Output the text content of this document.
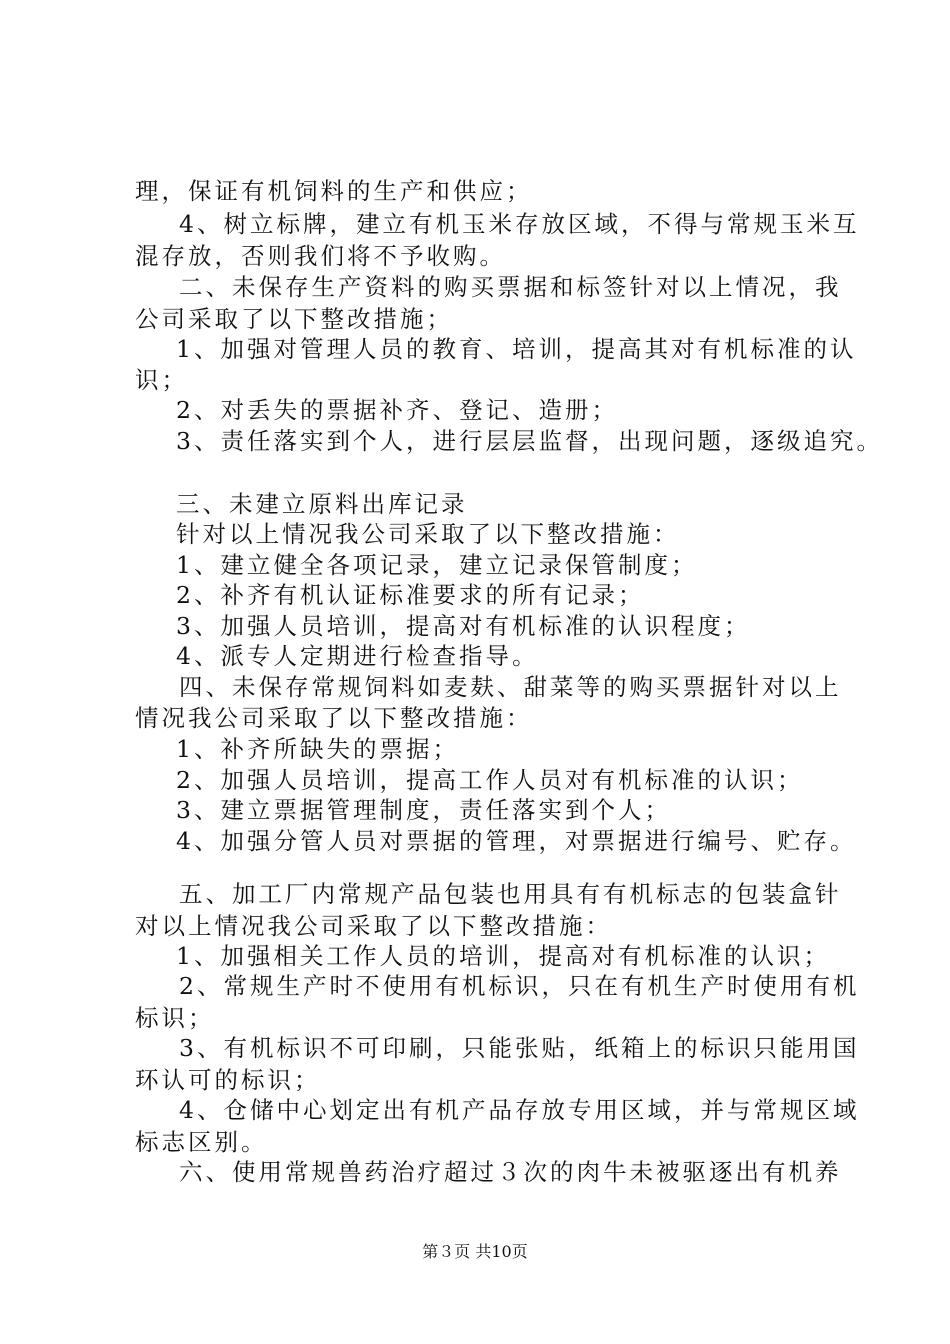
理，保证有机饲料的生产和供应；
4、树立标牌，建立有机玉米存放区域，不得与常规玉米互
混存放，否则我们将不予收购。
二、未保存生产资料的购买票据和标签针对以上情况，我
公司采取了以下整改措施；
1、加强对管理人员的教育、培训，提高其对有机标准的认
识；
2、对丢失的票据补齐、登记、造册；
3、责任落实到个人，进行层层监督，出现问题，逐级追究。
三、未建立原料出库记录
针对以上情况我公司采取了以下整改措施：
1、建立健全各项记录，建立记录保管制度；
2、补齐有机认证标准要求的所有记录；
3、加强人员培训，提高对有机标准的认识程度；
4、派专人定期进行检查指导。
四、未保存常规饲料如麦麸、甜菜等的购买票据针对以上
情况我公司采取了以下整改措施：
1、补齐所缺失的票据；
2、加强人员培训，提高工作人员对有机标准的认识；
3、建立票据管理制度，责任落实到个人；
4、加强分管人员对票据的管理，对票据进行编号、贮存。
五、加工厂内常规产品包装也用具有有机标志的包装盒针
对以上情况我公司采取了以下整改措施：
1、加强相关工作人员的培训，提高对有机标准的认识；
2、常规生产时不使用有机标识，只在有机生产时使用有机
标识；
3、有机标识不可印刷，只能张贴，纸箱上的标识只能用国
环认可的标识；
4、仓储中心划定出有机产品存放专用区域，并与常规区域
标志区别。
六、使用常规兽药治疗超过３次的肉牛未被驱逐出有机养
第３页 共10页
